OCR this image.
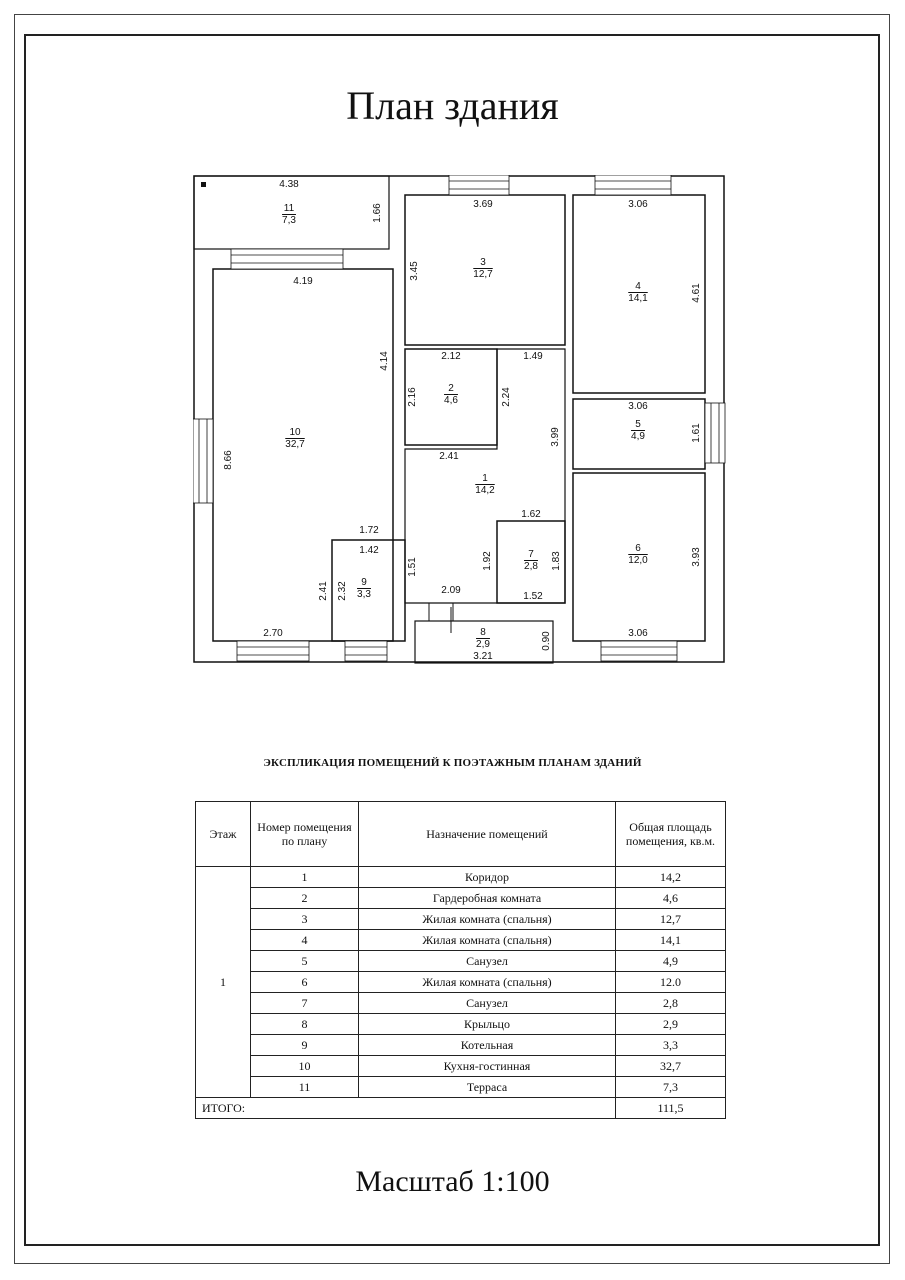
План здания
1
14,2
2
4,6
3
12,7
4
14,1
5
4,9
6
12,0
7
2,8
8
2,9
9
3,3
10
32,7
11
7,3
4.38
1.66
4.19
8.66
4.14
1.72
2.41
2.70
1.42
2.32
1.51
3.69
3.45
2.12
2.16	2.24
1.49
3.99
2.41
1.62
1.92	1.83
2.09
1.52
3.06
4.61
3.06
1.61
3.93
3.06
0.90
3.21
ЭКСПЛИКАЦИЯ ПОМЕЩЕНИЙ К ПОЭТАЖНЫМ ПЛАНАМ ЗДАНИЙ
Этаж	Номер помещения по плану	Назначение помещений	Общая площадь помещения, кв.м.
1	1	Коридор	14,2
	2	Гардеробная комната	4,6
	3	Жилая комната (спальня)	12,7
	4	Жилая комната (спальня)	14,1
	5	Санузел	4,9
	6	Жилая комната (спальня)	12.0
	7	Санузел	2,8
	8	Крыльцо	2,9
	9	Котельная	3,3
	10	Кухня-гостинная	32,7
	11	Терраса	7,3
ИТОГО:			111,5
Масштаб 1:100
